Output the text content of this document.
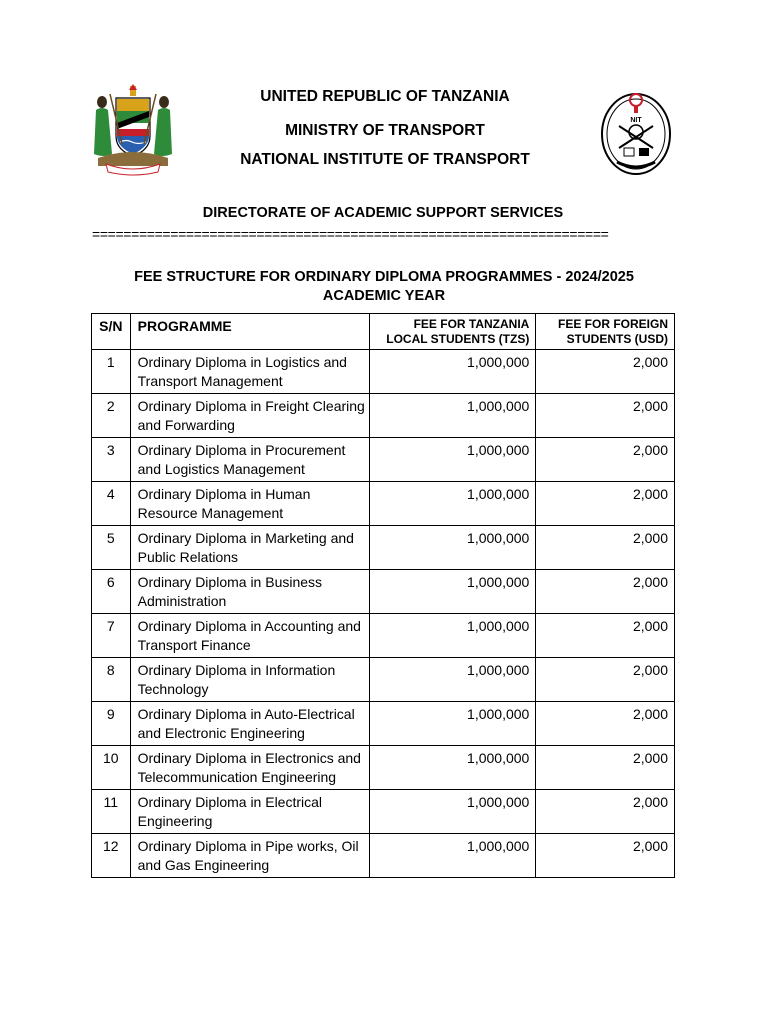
UNITED REPUBLIC OF TANZANIA
MINISTRY OF TRANSPORT
NATIONAL INSTITUTE OF TRANSPORT
NIT
DIRECTORATE OF ACADEMIC SUPPORT SERVICES
==================================================================
FEE STRUCTURE FOR ORDINARY DIPLOMA PROGRAMMES - 2024/2025 ACADEMIC YEAR
S/N	PROGRAMME	FEE FOR TANZANIA LOCAL STUDENTS (TZS)	FEE FOR FOREIGN STUDENTS (USD)
1	Ordinary Diploma in Logistics and Transport Management	1,000,000	2,000
2	Ordinary Diploma in Freight Clearing and Forwarding	1,000,000	2,000
3	Ordinary Diploma in Procurement and Logistics Management	1,000,000	2,000
4	Ordinary Diploma in Human Resource Management	1,000,000	2,000
5	Ordinary Diploma in Marketing and Public Relations	1,000,000	2,000
6	Ordinary Diploma in Business Administration	1,000,000	2,000
7	Ordinary Diploma in Accounting and Transport Finance	1,000,000	2,000
8	Ordinary Diploma in Information Technology	1,000,000	2,000
9	Ordinary Diploma in Auto-Electrical and Electronic Engineering	1,000,000	2,000
10	Ordinary Diploma in Electronics and Telecommunication Engineering	1,000,000	2,000
11	Ordinary Diploma in Electrical Engineering	1,000,000	2,000
12	Ordinary Diploma in Pipe works, Oil and Gas Engineering	1,000,000	2,000
